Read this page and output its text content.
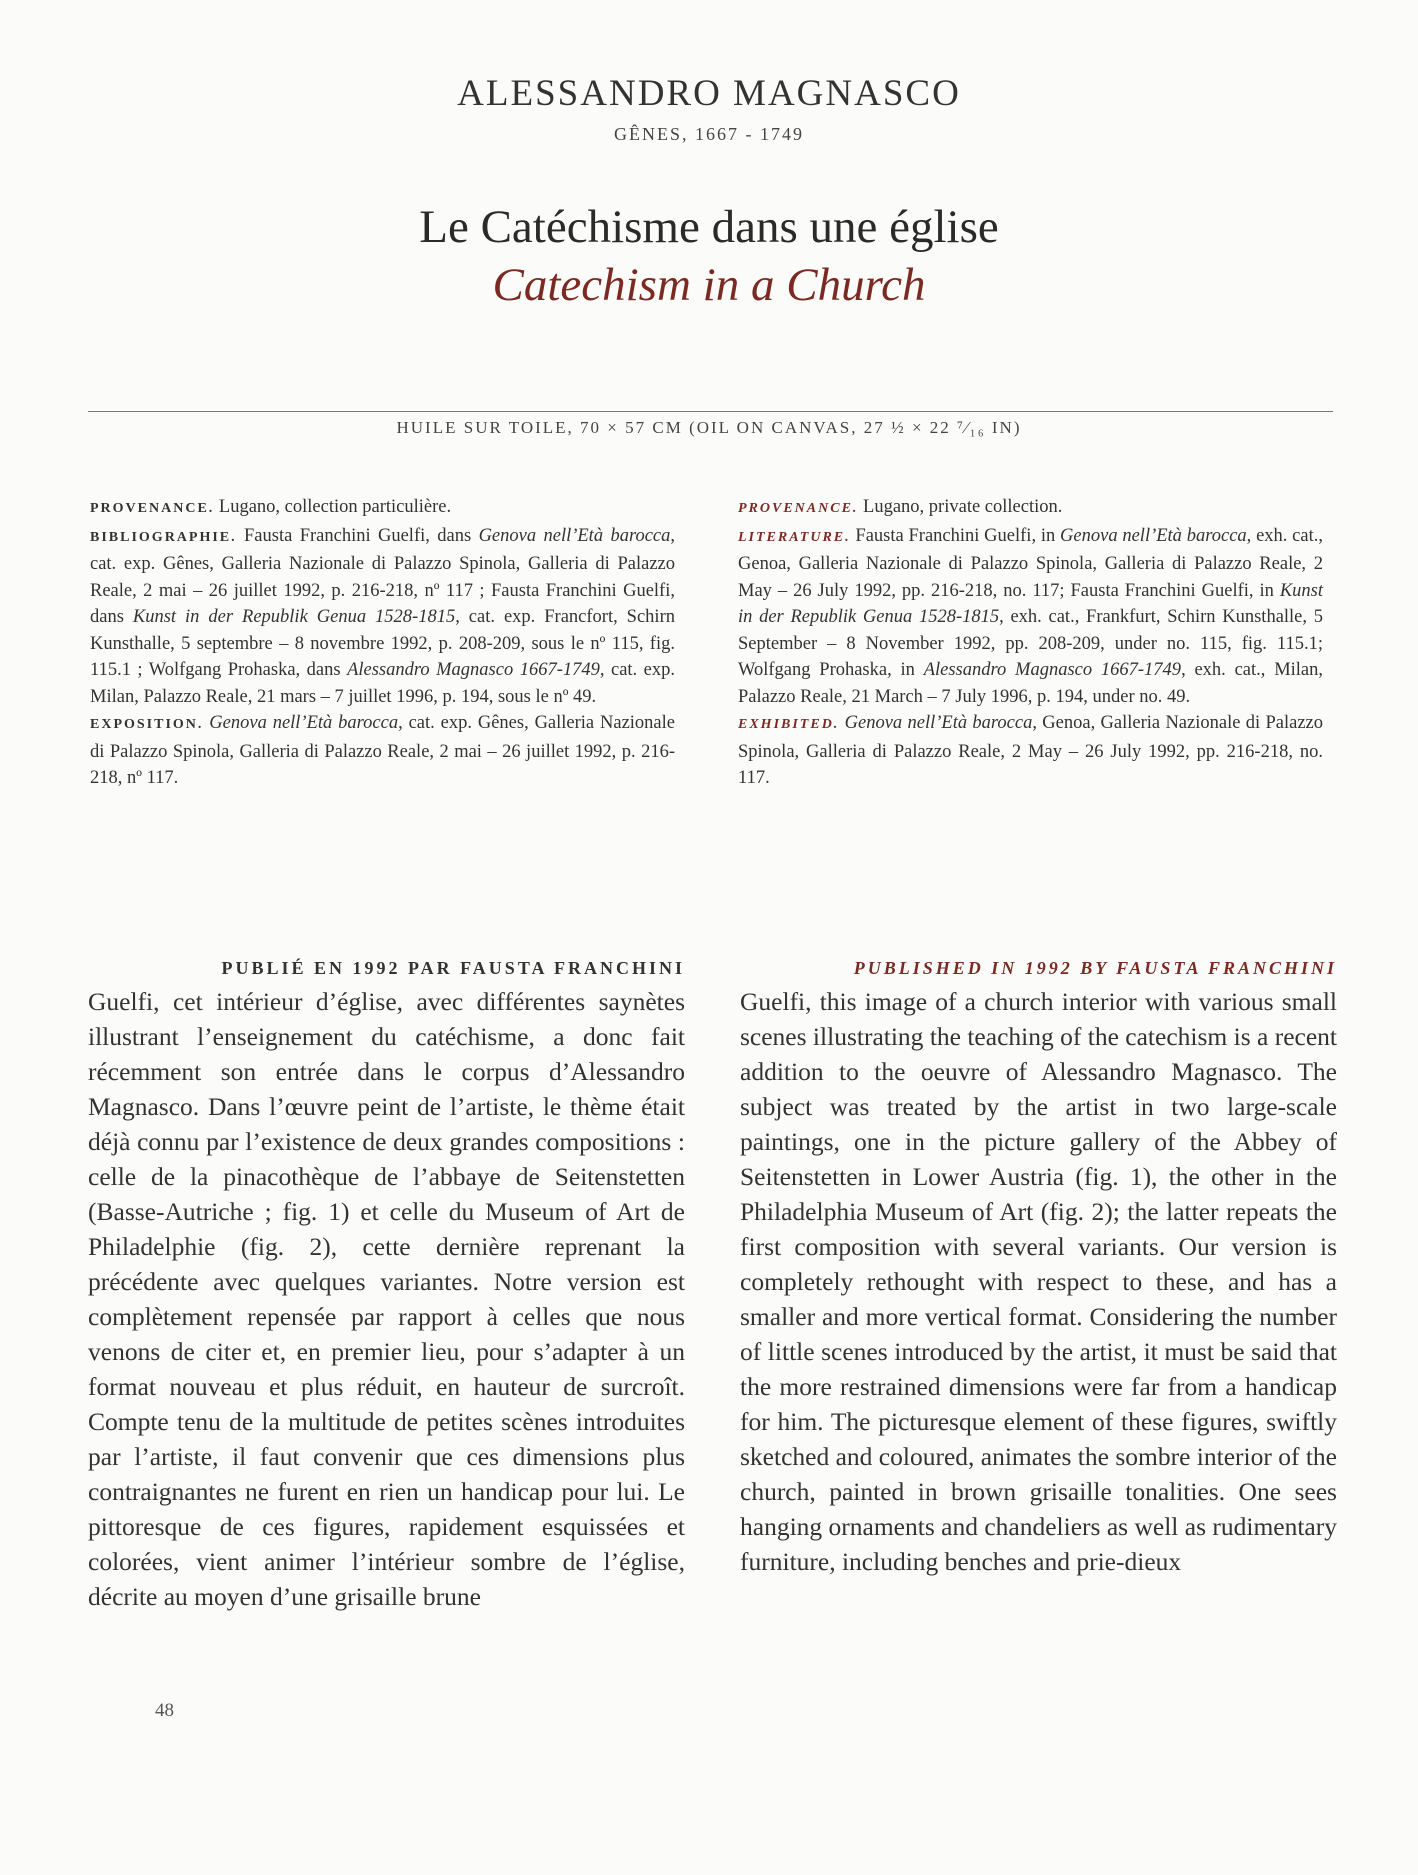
ALESSANDRO MAGNASCO
GÊNES, 1667 - 1749
Le Catéchisme dans une église
Catechism in a Church
HUILE SUR TOILE, 70 × 57 CM (OIL ON CANVAS, 27 ½ × 22 ⁷⁄₁₆ IN)

PROVENANCE. Lugano, collection particulière.

BIBLIOGRAPHIE. Fausta Franchini Guelfi, dans Genova nell’Età barocca, cat. exp. Gênes, Galleria Nazionale di Palazzo Spinola, Galleria di Palazzo Reale, 2 mai – 26 juillet 1992, p. 216-218, nº 117 ; Fausta Franchini Guelfi, dans Kunst in der Republik Genua 1528-1815, cat. exp. Francfort, Schirn Kunsthalle, 5 septembre – 8 novembre 1992, p. 208-209, sous le nº 115, fig. 115.1 ; Wolfgang Prohaska, dans Alessandro Magnasco 1667-1749, cat. exp. Milan, Palazzo Reale, 21 mars – 7 juillet 1996, p. 194, sous le nº 49.

EXPOSITION. Genova nell’Età barocca, cat. exp. Gênes, Galleria Nazionale di Palazzo Spinola, Galleria di Palazzo Reale, 2 mai – 26 juillet 1992, p. 216-218, nº 117.

PROVENANCE. Lugano, private collection.

LITERATURE. Fausta Franchini Guelfi, in Genova nell’Età barocca, exh. cat., Genoa, Galleria Nazionale di Palazzo Spinola, Galleria di Palazzo Reale, 2 May – 26 July 1992, pp. 216-218, no. 117; Fausta Franchini Guelfi, in Kunst in der Republik Genua 1528-1815, exh. cat., Frankfurt, Schirn Kunsthalle, 5 September – 8 November 1992, pp. 208-209, under no. 115, fig. 115.1; Wolfgang Prohaska, in Alessandro Magnasco 1667-1749, exh. cat., Milan, Palazzo Reale, 21 March – 7 July 1996, p. 194, under no. 49.

EXHIBITED. Genova nell’Età barocca, Genoa, Galleria Nazionale di Palazzo Spinola, Galleria di Palazzo Reale, 2 May – 26 July 1992, pp. 216-218, no. 117.

PUBLIÉ EN 1992 PAR FAUSTA FRANCHINI

Guelfi, cet intérieur d’église, avec différentes saynètes illustrant l’enseignement du catéchisme, a donc fait récemment son entrée dans le corpus d’Alessandro Magnasco. Dans l’œuvre peint de l’artiste, le thème était déjà connu par l’existence de deux grandes compositions : celle de la pinacothèque de l’abbaye de Seitenstetten (Basse-Autriche ; fig. 1) et celle du Museum of Art de Philadelphie (fig. 2), cette dernière reprenant la précédente avec quelques variantes. Notre version est complètement repensée par rapport à celles que nous venons de citer et, en premier lieu, pour s’adapter à un format nouveau et plus réduit, en hauteur de surcroît. Compte tenu de la multitude de petites scènes introduites par l’artiste, il faut convenir que ces dimensions plus contraignantes ne furent en rien un handicap pour lui. Le pittoresque de ces figures, rapidement esquissées et colorées, vient animer l’intérieur sombre de l’église, décrite au moyen d’une grisaille brune

PUBLISHED IN 1992 BY FAUSTA FRANCHINI

Guelfi, this image of a church interior with various small scenes illustrating the teaching of the catechism is a recent addition to the oeuvre of Alessandro Magnasco. The subject was treated by the artist in two large-scale paintings, one in the picture gallery of the Abbey of Seitenstetten in Lower Austria (fig. 1), the other in the Philadelphia Museum of Art (fig. 2); the latter repeats the first composition with several variants. Our version is completely rethought with respect to these, and has a smaller and more vertical format. Considering the number of little scenes introduced by the artist, it must be said that the more restrained dimensions were far from a handicap for him. The picturesque element of these figures, swiftly sketched and coloured, animates the sombre interior of the church, painted in brown grisaille tonalities. One sees hanging ornaments and chandeliers as well as rudimentary furniture, including benches and prie-dieux

48
